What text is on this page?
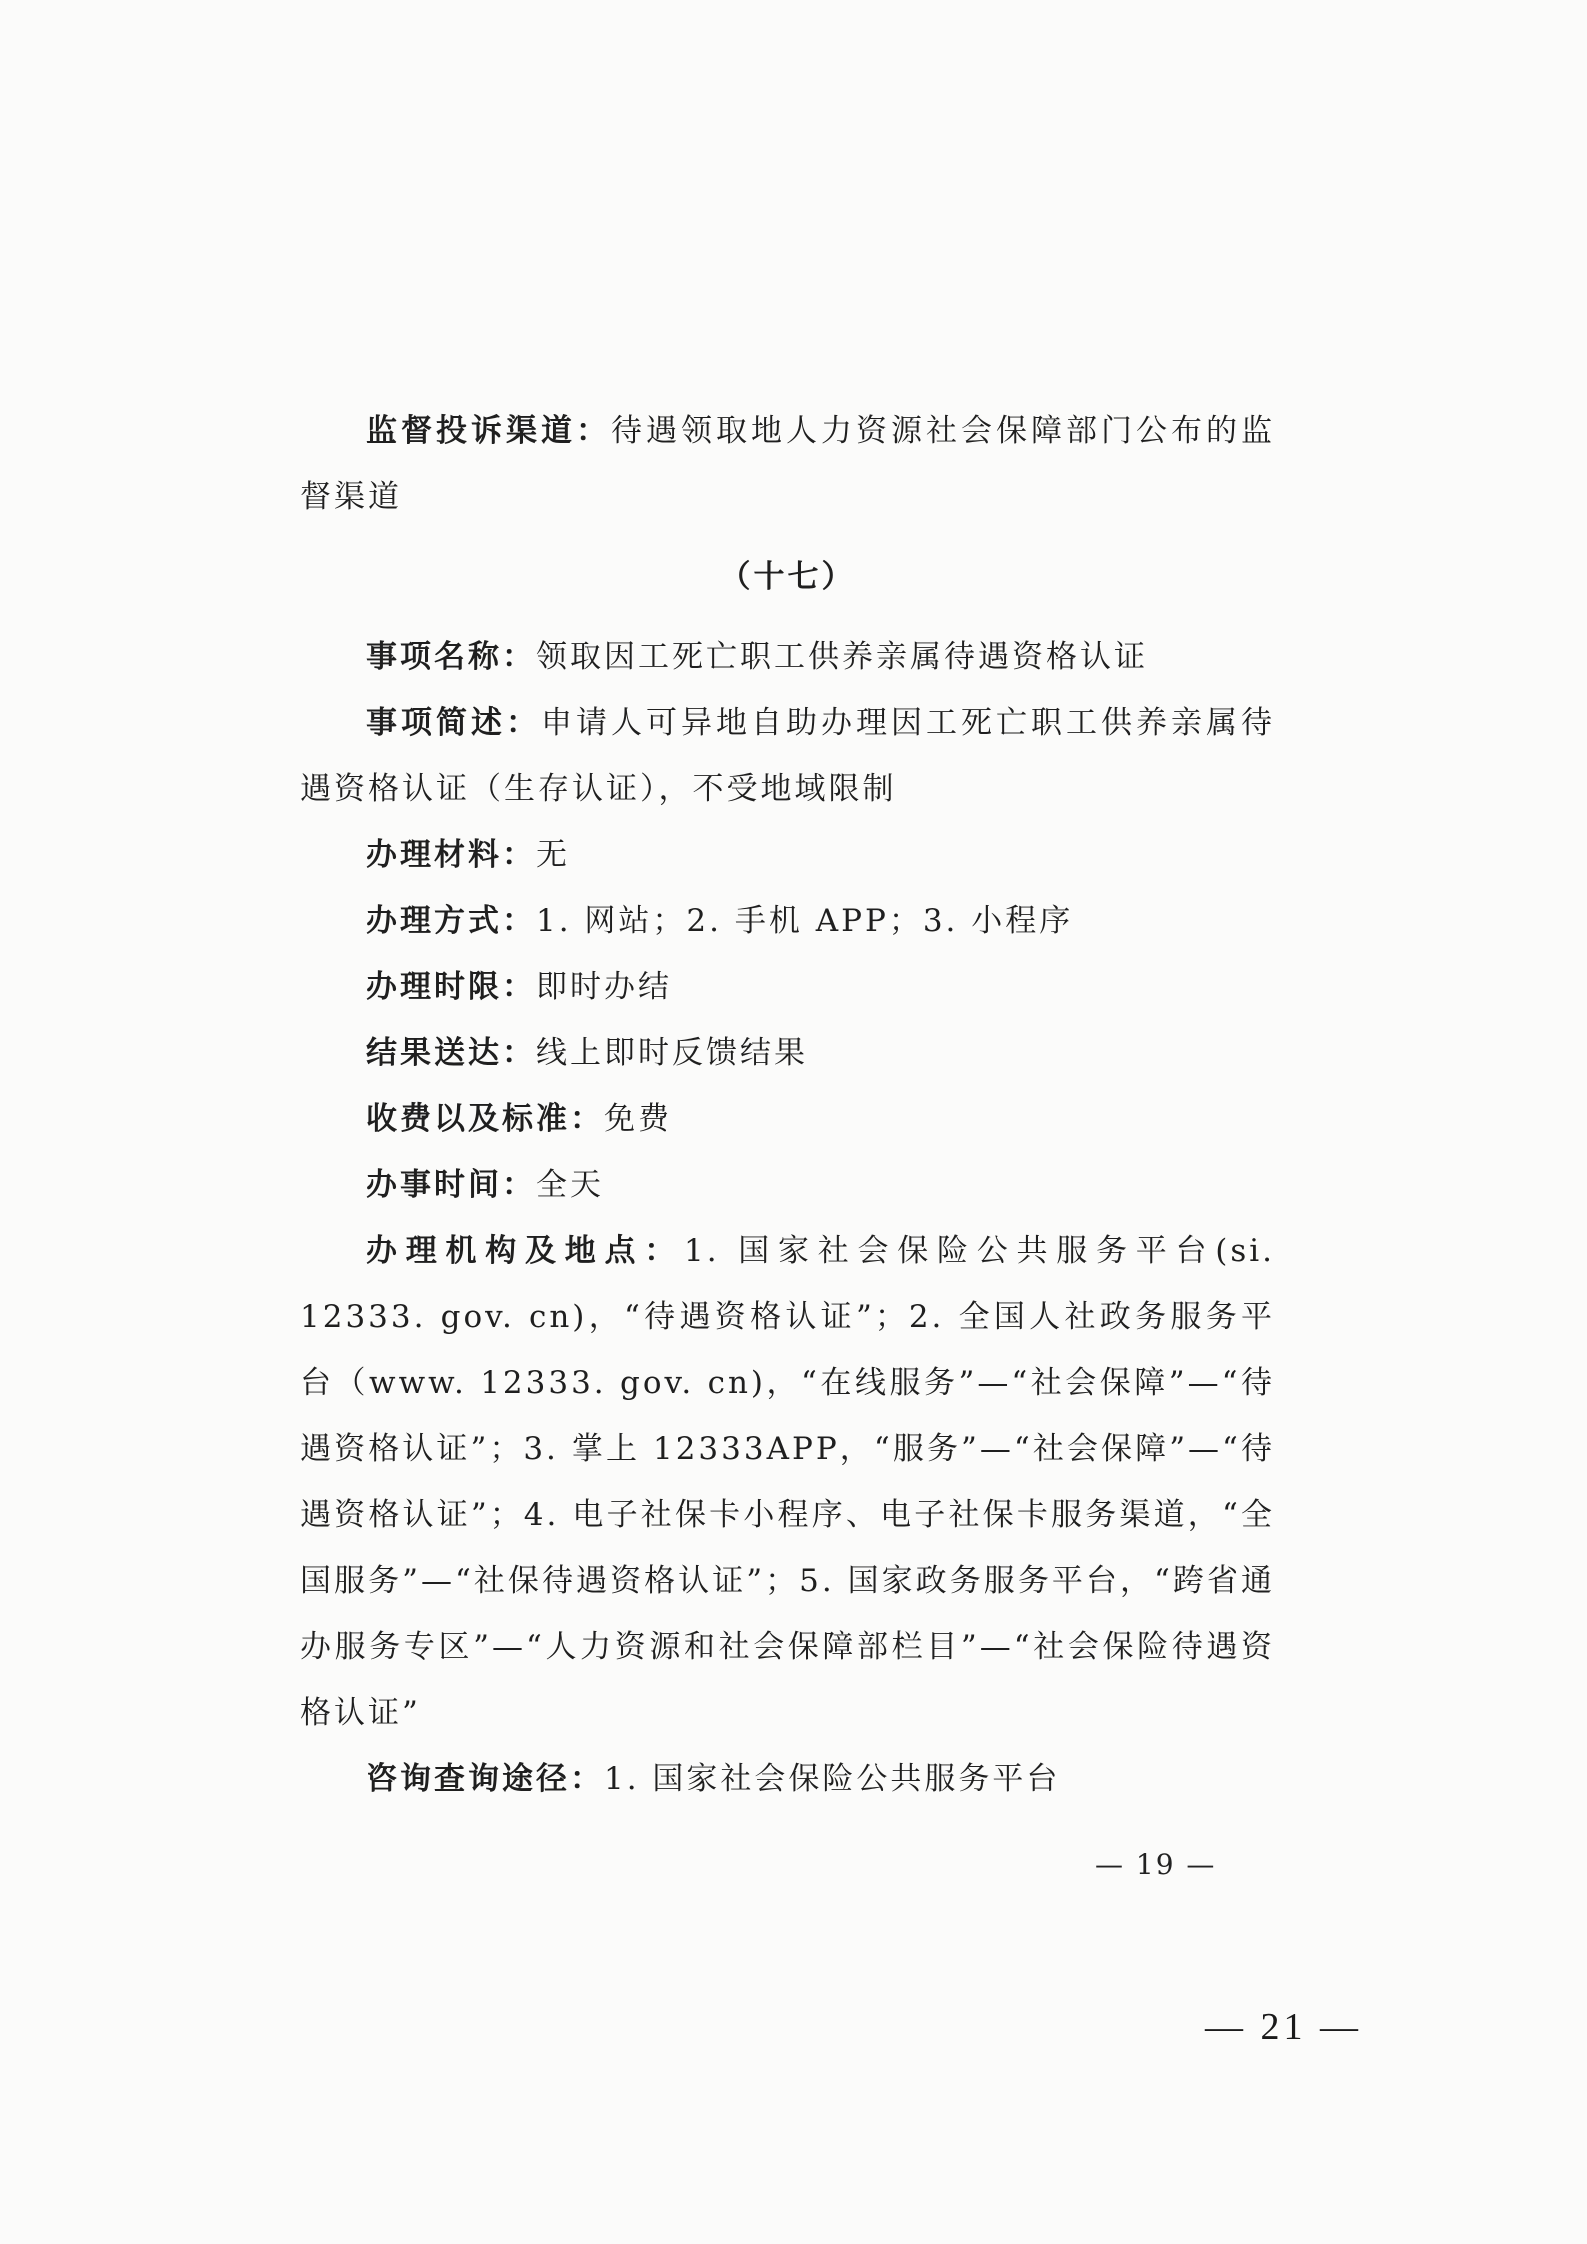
监督投诉渠道：待遇领取地人力资源社会保障部门公布的监督渠道

（十七）

事项名称：领取因工死亡职工供养亲属待遇资格认证

事项简述：申请人可异地自助办理因工死亡职工供养亲属待遇资格认证（生存认证），不受地域限制

办理材料：无

办理方式：1. 网站；2. 手机 APP；3. 小程序

办理时限：即时办结

结果送达：线上即时反馈结果

收费以及标准：免费

办事时间：全天

办理机构及地点：1. 国家社会保险公共服务平台(si. 12333. gov. cn)，“待遇资格认证”；2. 全国人社政务服务平台（www. 12333. gov. cn)，“在线服务”—“社会保障”—“待遇资格认证”；3. 掌上 12333APP，“服务”—“社会保障”—“待遇资格认证”；4. 电子社保卡小程序、电子社保卡服务渠道，“全国服务”—“社保待遇资格认证”；5. 国家政务服务平台，“跨省通办服务专区”—“人力资源和社会保障部栏目”—“社会保险待遇资格认证”

咨询查询途径：1. 国家社会保险公共服务平台

— 19 —
— 21 —
